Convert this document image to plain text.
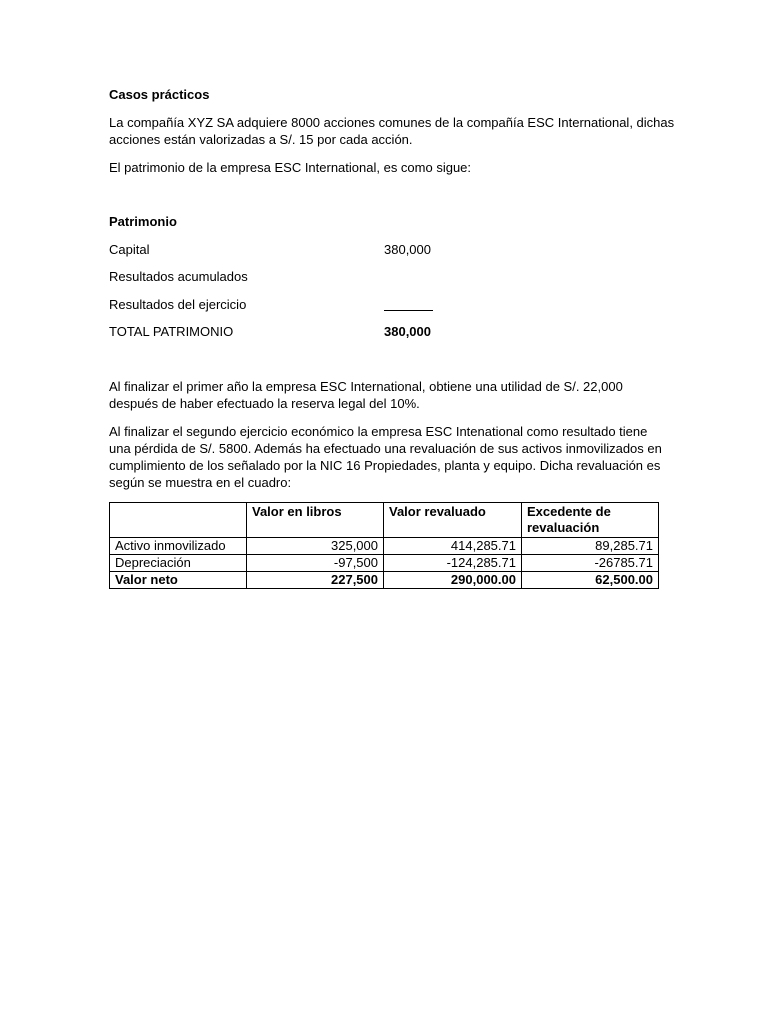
Casos prácticos

La compañía XYZ SA adquiere 8000 acciones comunes de la compañía ESC International, dichas

acciones están valorizadas a S/. 15 por cada acción.

El patrimonio de la empresa ESC International, es como sigue:

Patrimonio

Capital	380,000

Resultados acumulados

Resultados del ejercicio

TOTAL PATRIMONIO	380,000

Al finalizar el primer año la empresa ESC International, obtiene una utilidad de S/. 22,000

después de haber efectuado la reserva legal del 10%.

Al finalizar el segundo ejercicio económico la empresa ESC Intenational como resultado tiene

una pérdida de S/. 5800. Además ha efectuado una revaluación de sus activos inmovilizados en

cumplimiento de los señalado por la NIC 16 Propiedades, planta y equipo. Dicha revaluación es

según se muestra en el cuadro:

	Valor en libros	Valor revaluado	Excedente de revaluación
Activo inmovilizado	325,000	414,285.71	89,285.71
Depreciación	-97,500	-124,285.71	-26785.71
Valor neto	227,500	290,000.00	62,500.00
